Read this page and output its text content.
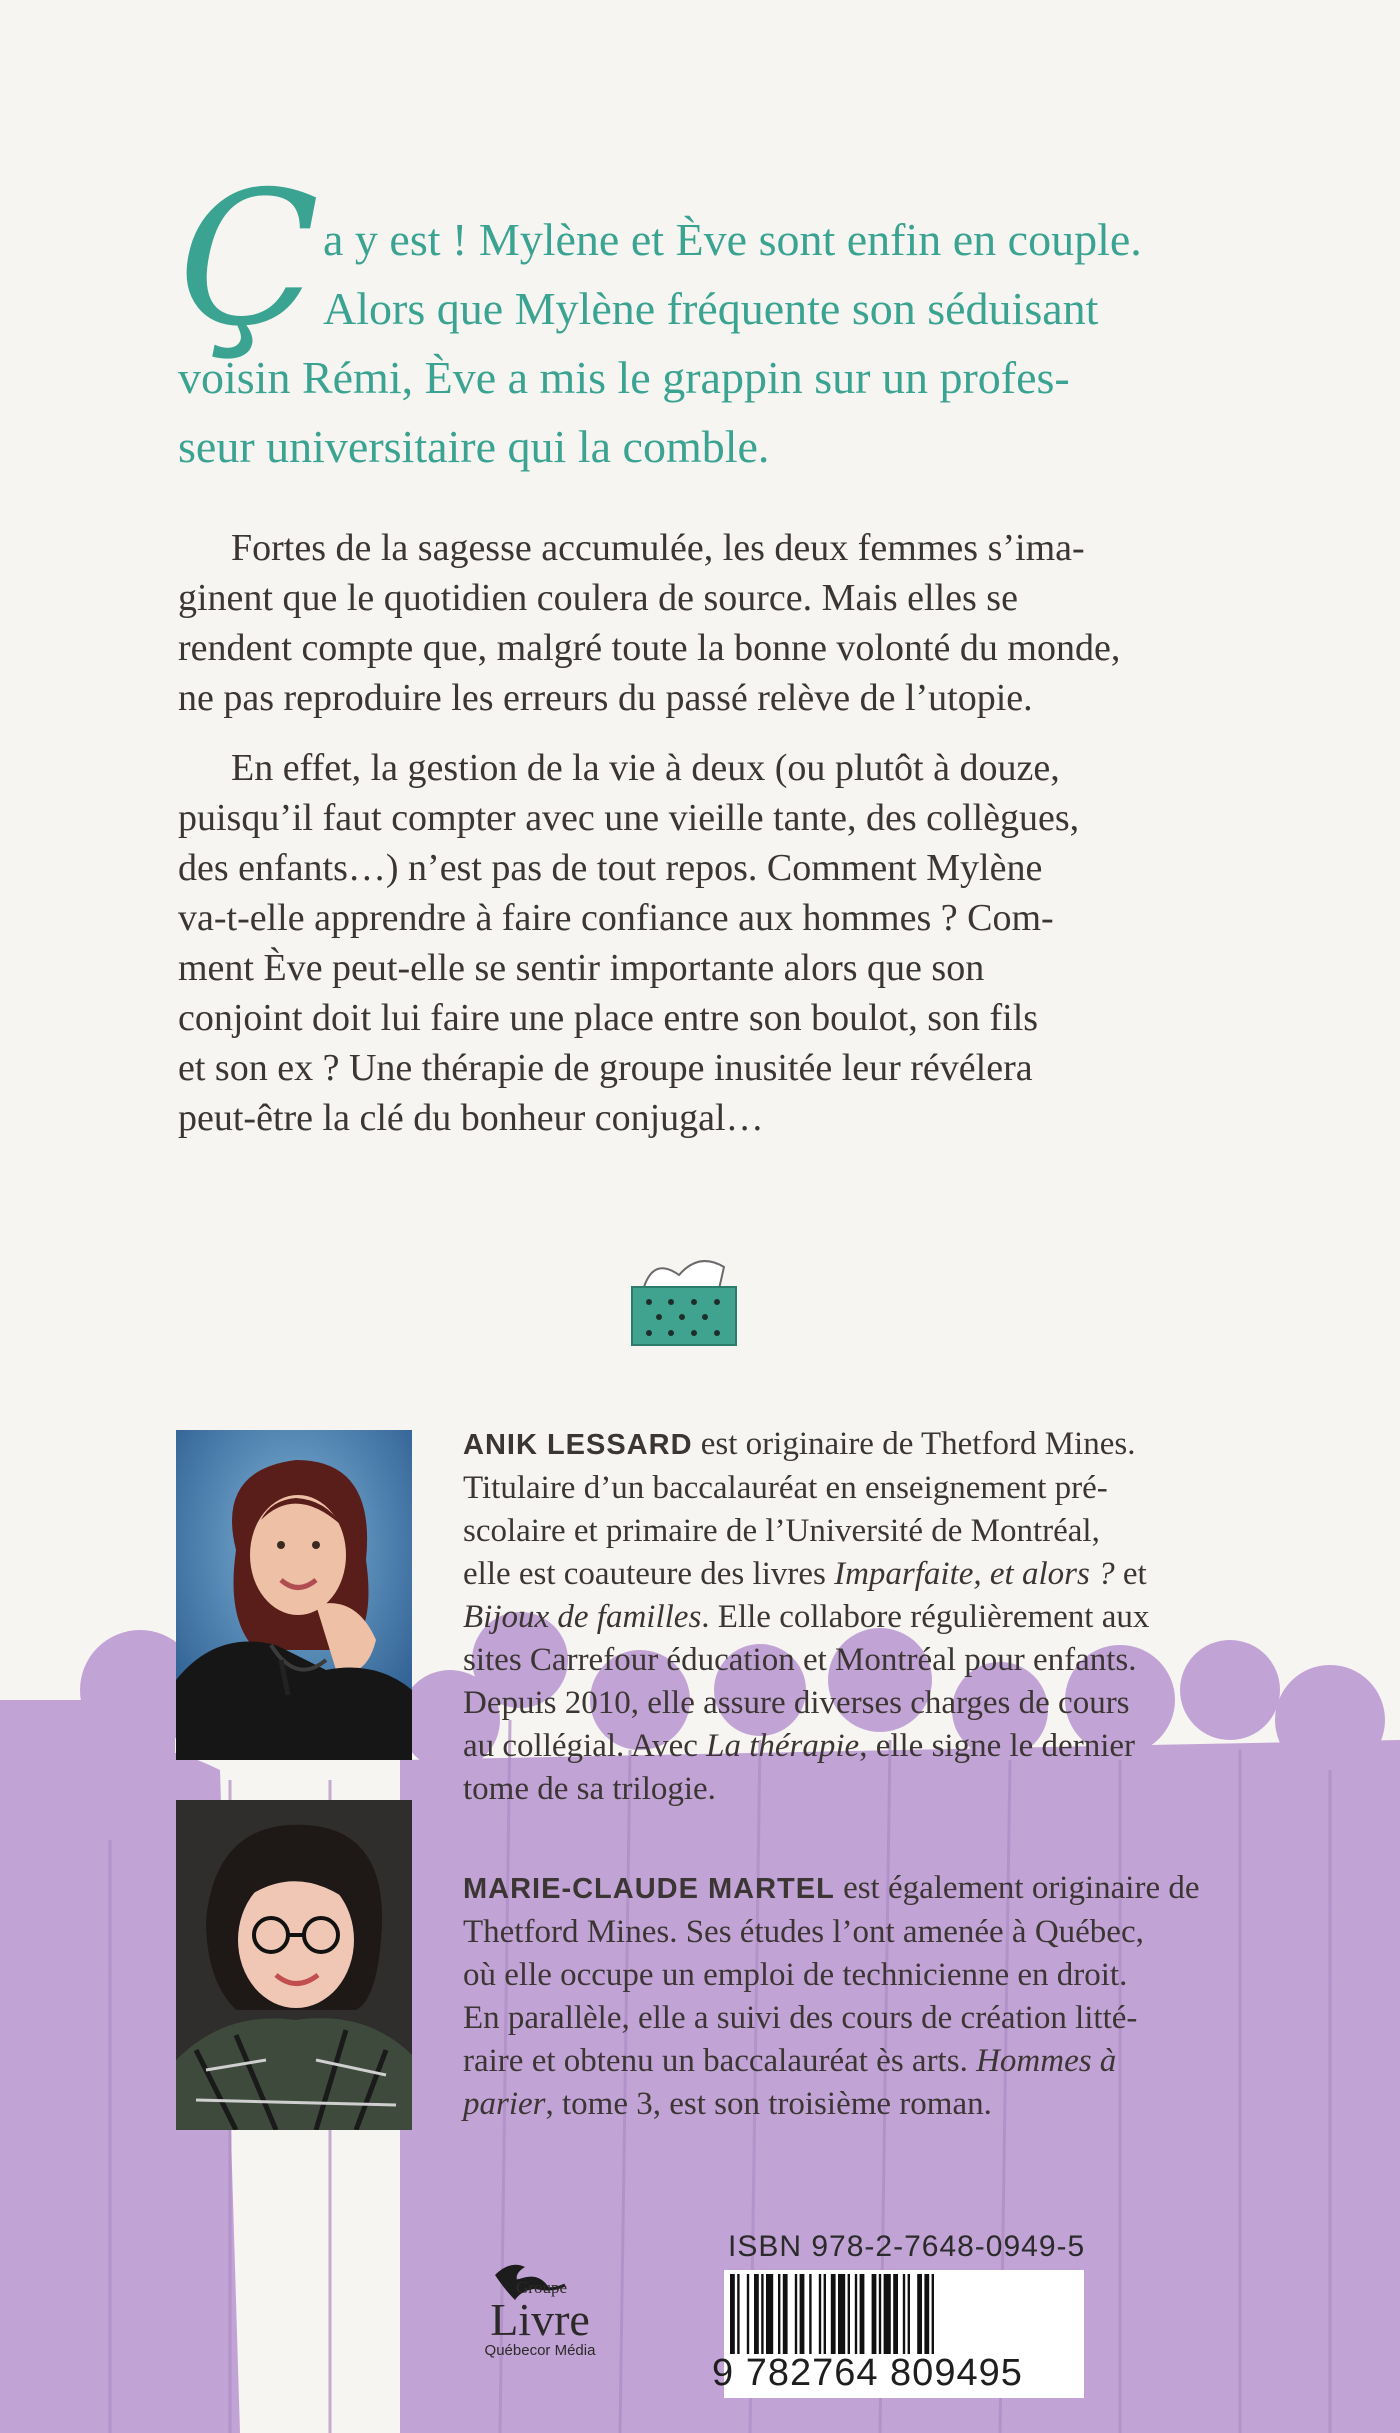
Ç a y est ! Mylène et Ève sont enfin en couple.
Alors que Mylène fréquente son séduisant
voisin Rémi, Ève a mis le grappin sur un profes-
seur universitaire qui la comble.
Fortes de la sagesse accumulée, les deux femmes s’ima-
ginent que le quotidien coulera de source. Mais elles se
rendent compte que, malgré toute la bonne volonté du monde,
ne pas reproduire les erreurs du passé relève de l’utopie.
En effet, la gestion de la vie à deux (ou plutôt à douze,
puisqu’il faut compter avec une vieille tante, des collègues,
des enfants…) n’est pas de tout repos. Comment Mylène
va-t-elle apprendre à faire confiance aux hommes ? Com-
ment Ève peut-elle se sentir importante alors que son
conjoint doit lui faire une place entre son boulot, son fils
et son ex ? Une thérapie de groupe inusitée leur révélera
peut-être la clé du bonheur conjugal…
ANIK LESSARD est originaire de Thetford Mines.
Titulaire d’un baccalauréat en enseignement pré-
scolaire et primaire de l’Université de Montréal,
elle est coauteure des livres Imparfaite, et alors ? et
Bijoux de familles. Elle collabore régulièrement aux
sites Carrefour éducation et Montréal pour enfants.
Depuis 2010, elle assure diverses charges de cours
au collégial. Avec La thérapie, elle signe le dernier
tome de sa trilogie.
MARIE-CLAUDE MARTEL est également originaire de
Thetford Mines. Ses études l’ont amenée à Québec,
où elle occupe un emploi de technicienne en droit.
En parallèle, elle a suivi des cours de création litté-
raire et obtenu un baccalauréat ès arts. Hommes à
parier, tome 3, est son troisième roman.
Groupe
Livre
Québecor Média
ISBN 978-2-7648-0949-5
9 782764 809495
